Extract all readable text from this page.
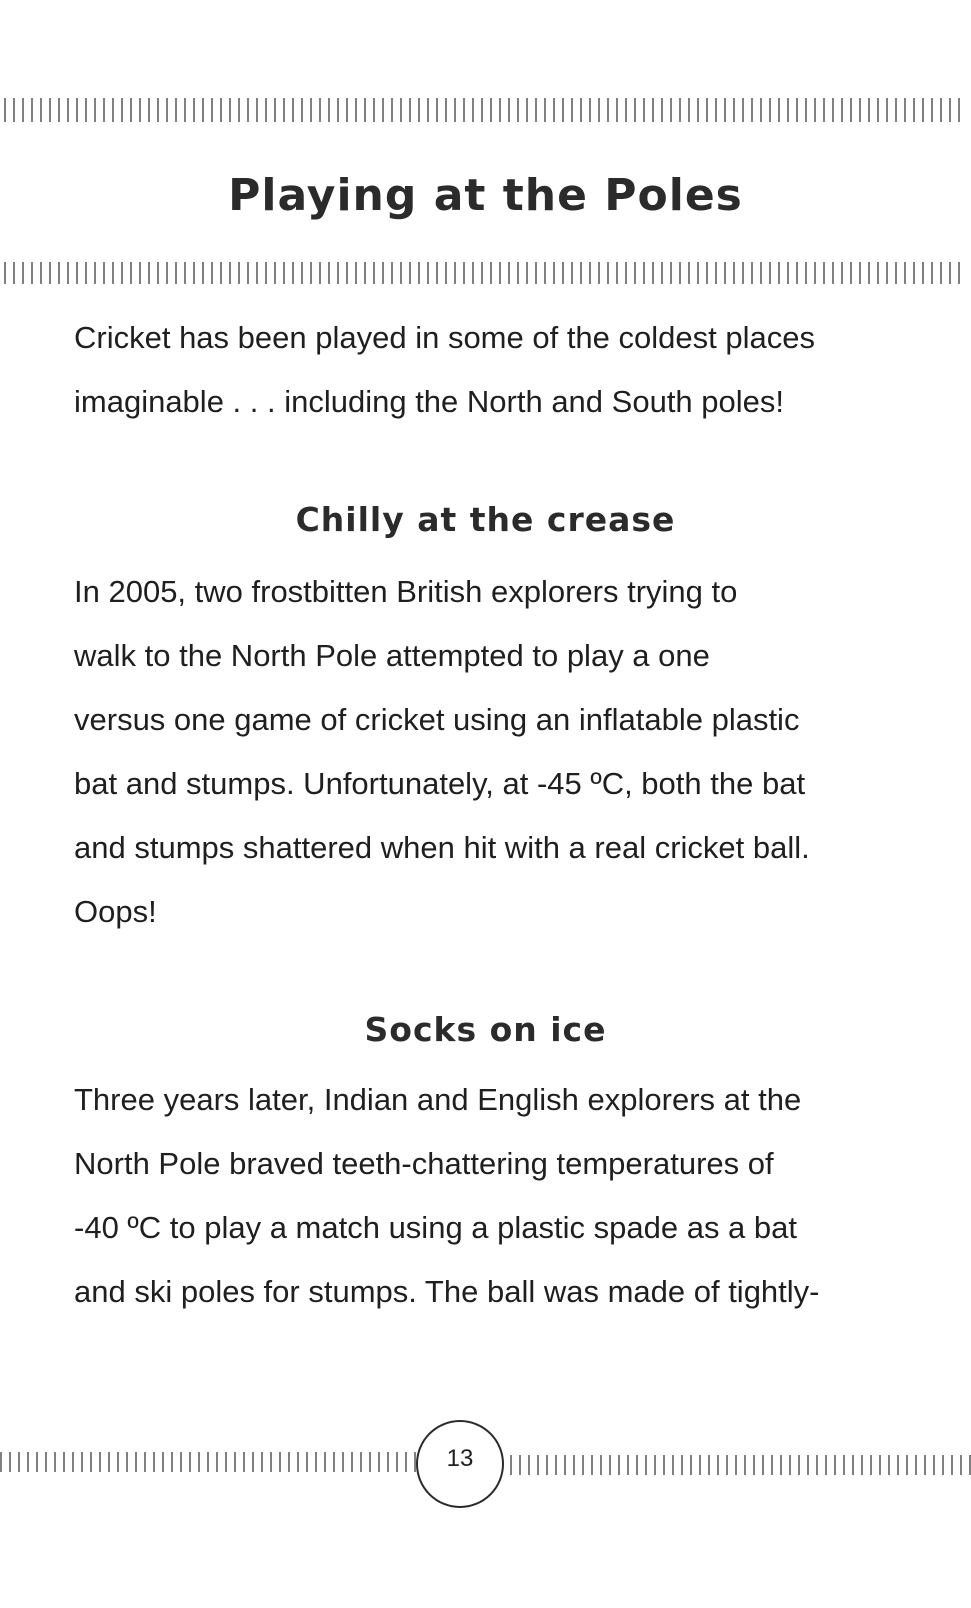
Playing at the Poles

Cricket has been played in some of the coldest places
imaginable . . . including the North and South poles!

Chilly at the crease

In 2005, two frostbitten British explorers trying to
walk to the North Pole attempted to play a one
versus one game of cricket using an inflatable plastic
bat and stumps. Unfortunately, at -45 ºC, both the bat
and stumps shattered when hit with a real cricket ball.
Oops!

Socks on ice

Three years later, Indian and English explorers at the
North Pole braved teeth-chattering temperatures of
-40 ºC to play a match using a plastic spade as a bat
and ski poles for stumps. The ball was made of tightly-

13
